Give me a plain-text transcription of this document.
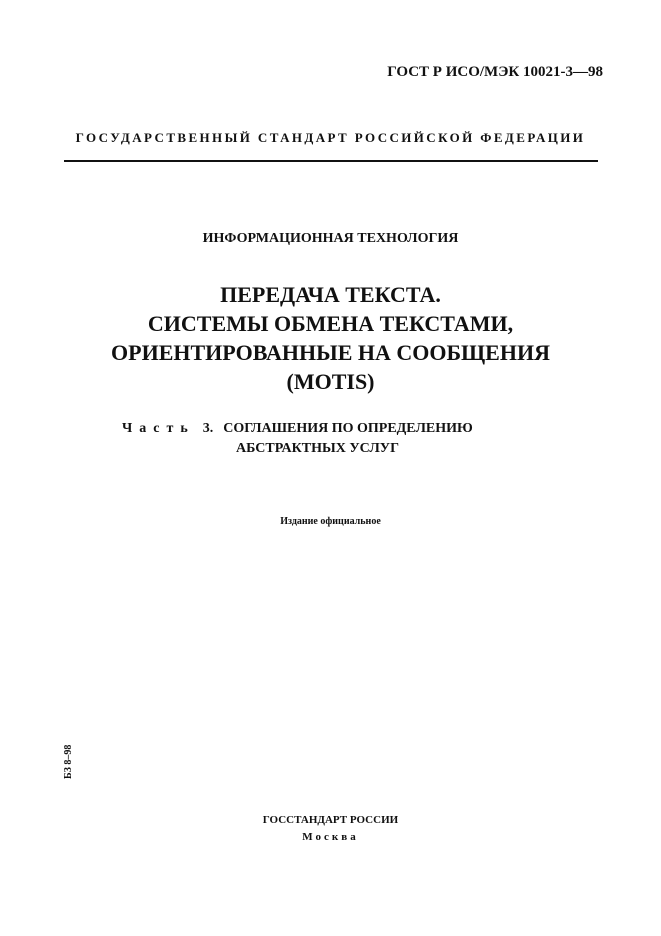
ГОСТ Р ИСО/МЭК 10021-3—98
ГОСУДАРСТВЕННЫЙ СТАНДАРТ РОССИЙСКОЙ ФЕДЕРАЦИИ
ИНФОРМАЦИОННАЯ ТЕХНОЛОГИЯ
ПЕРЕДАЧА ТЕКСТА.
СИСТЕМЫ ОБМЕНА ТЕКСТАМИ,
ОРИЕНТИРОВАННЫЕ НА СООБЩЕНИЯ
(MOTIS)
Часть 3. СОГЛАШЕНИЯ ПО ОПРЕДЕЛЕНИЮ
АБСТРАКТНЫХ УСЛУГ
Издание официальное
БЗ 8–98
ГОССТАНДАРТ РОССИИ
Москва
